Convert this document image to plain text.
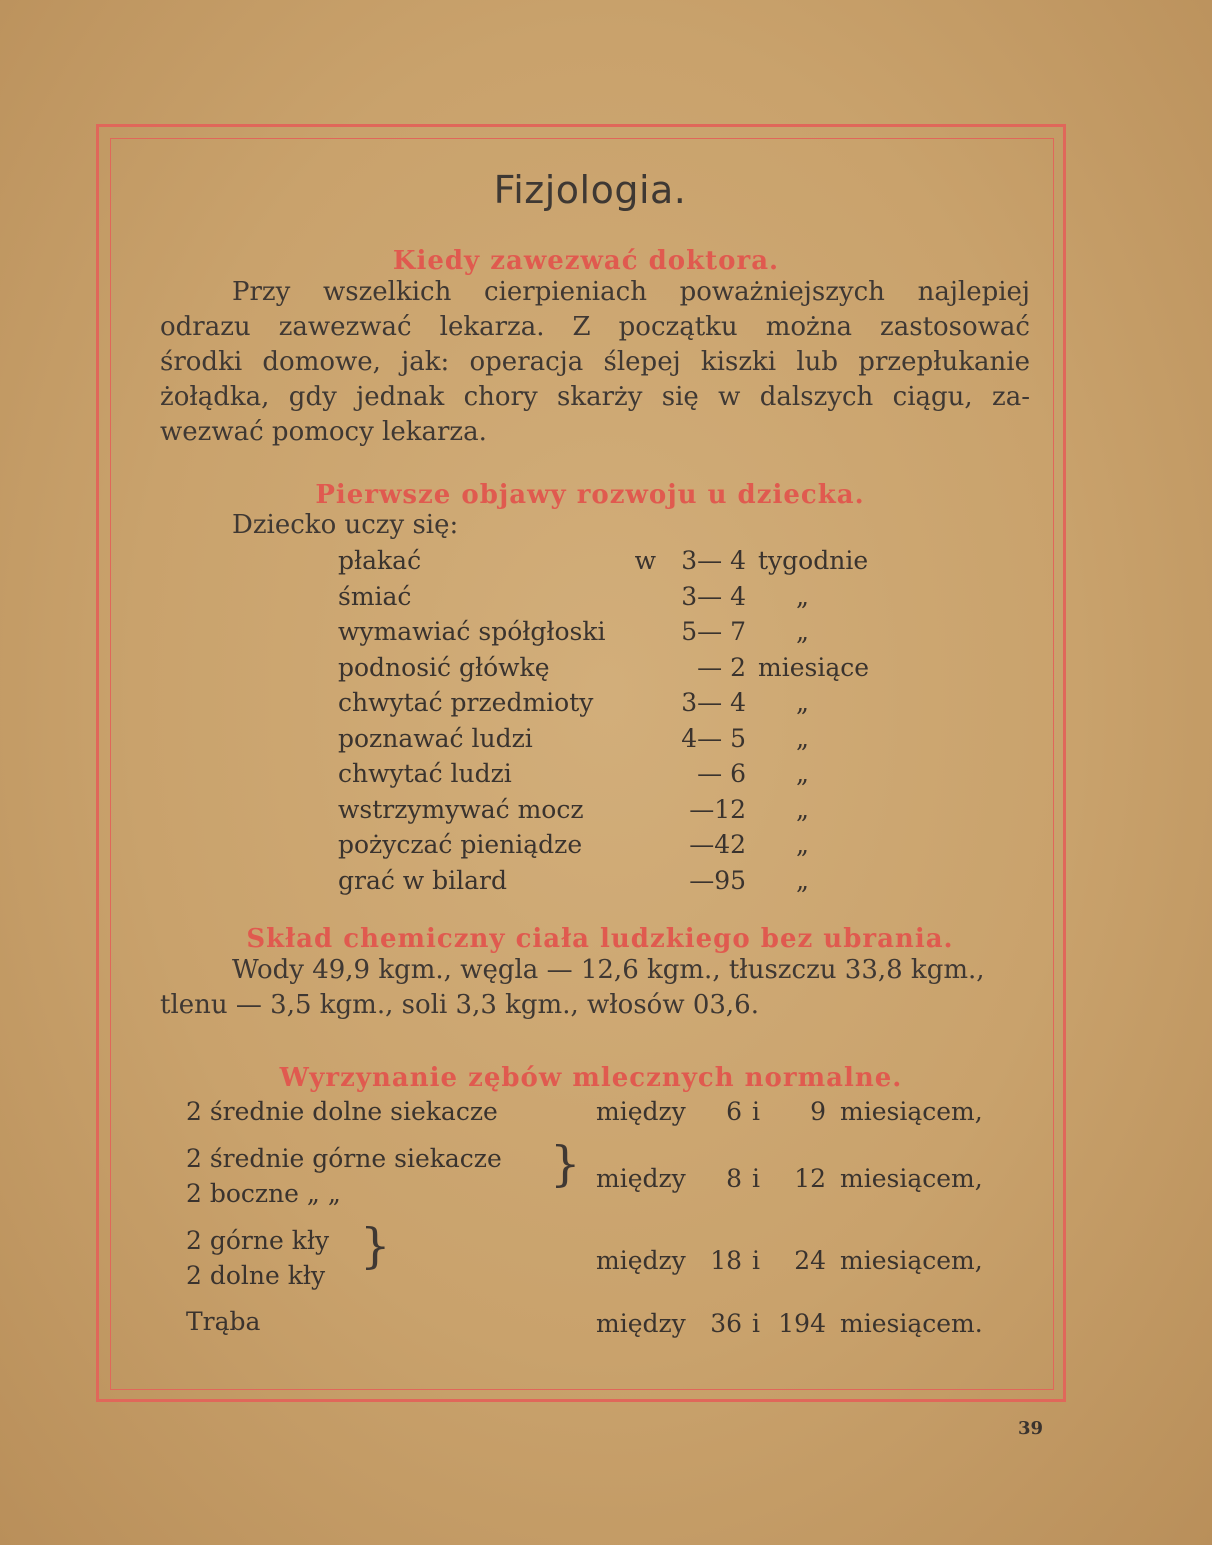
Fizjologia.
Kiedy zawezwać doktora.
Przy wszelkich cierpieniach poważniejszych najlepiej
odrazu zawezwać lekarza. Z początku można zastosować
środki domowe, jak: operacja ślepej kiszki lub przepłukanie
żołądka, gdy jednak chory skarży się w dalszych ciągu, za-
wezwać pomocy lekarza.
Pierwsze objawy rozwoju u dziecka.
Dziecko uczy się:
płakać	w	3— 4 tygodnie
śmiać	3— 4 „
wymawiać spółgłoski	5— 7 „
podnosić główkę	— 2 miesiące
chwytać przedmioty	3— 4 „
poznawać ludzi	4— 5 „
chwytać ludzi	— 6 „
wstrzymywać mocz	—12 „
pożyczać pieniądze	—42 „
grać w bilard	—95 „
Skład chemiczny ciała ludzkiego bez ubrania.
Wody 49,9 kgm., węgla — 12,6 kgm., tłuszczu 33,8 kgm.,
tlenu — 3,5 kgm., soli 3,3 kgm., włosów 03,6.
Wyrzynanie zębów mlecznych normalne.
2 średnie dolne siekacze	między	6 i	9 miesiącem,
2 średnie górne siekacze
2 boczne „ „
} między	8 i	12 miesiącem,
2 górne kły
2 dolne kły
}	między 18 i	24 miesiącem,
Trąba	między 36 i 194 miesiącem.
39
